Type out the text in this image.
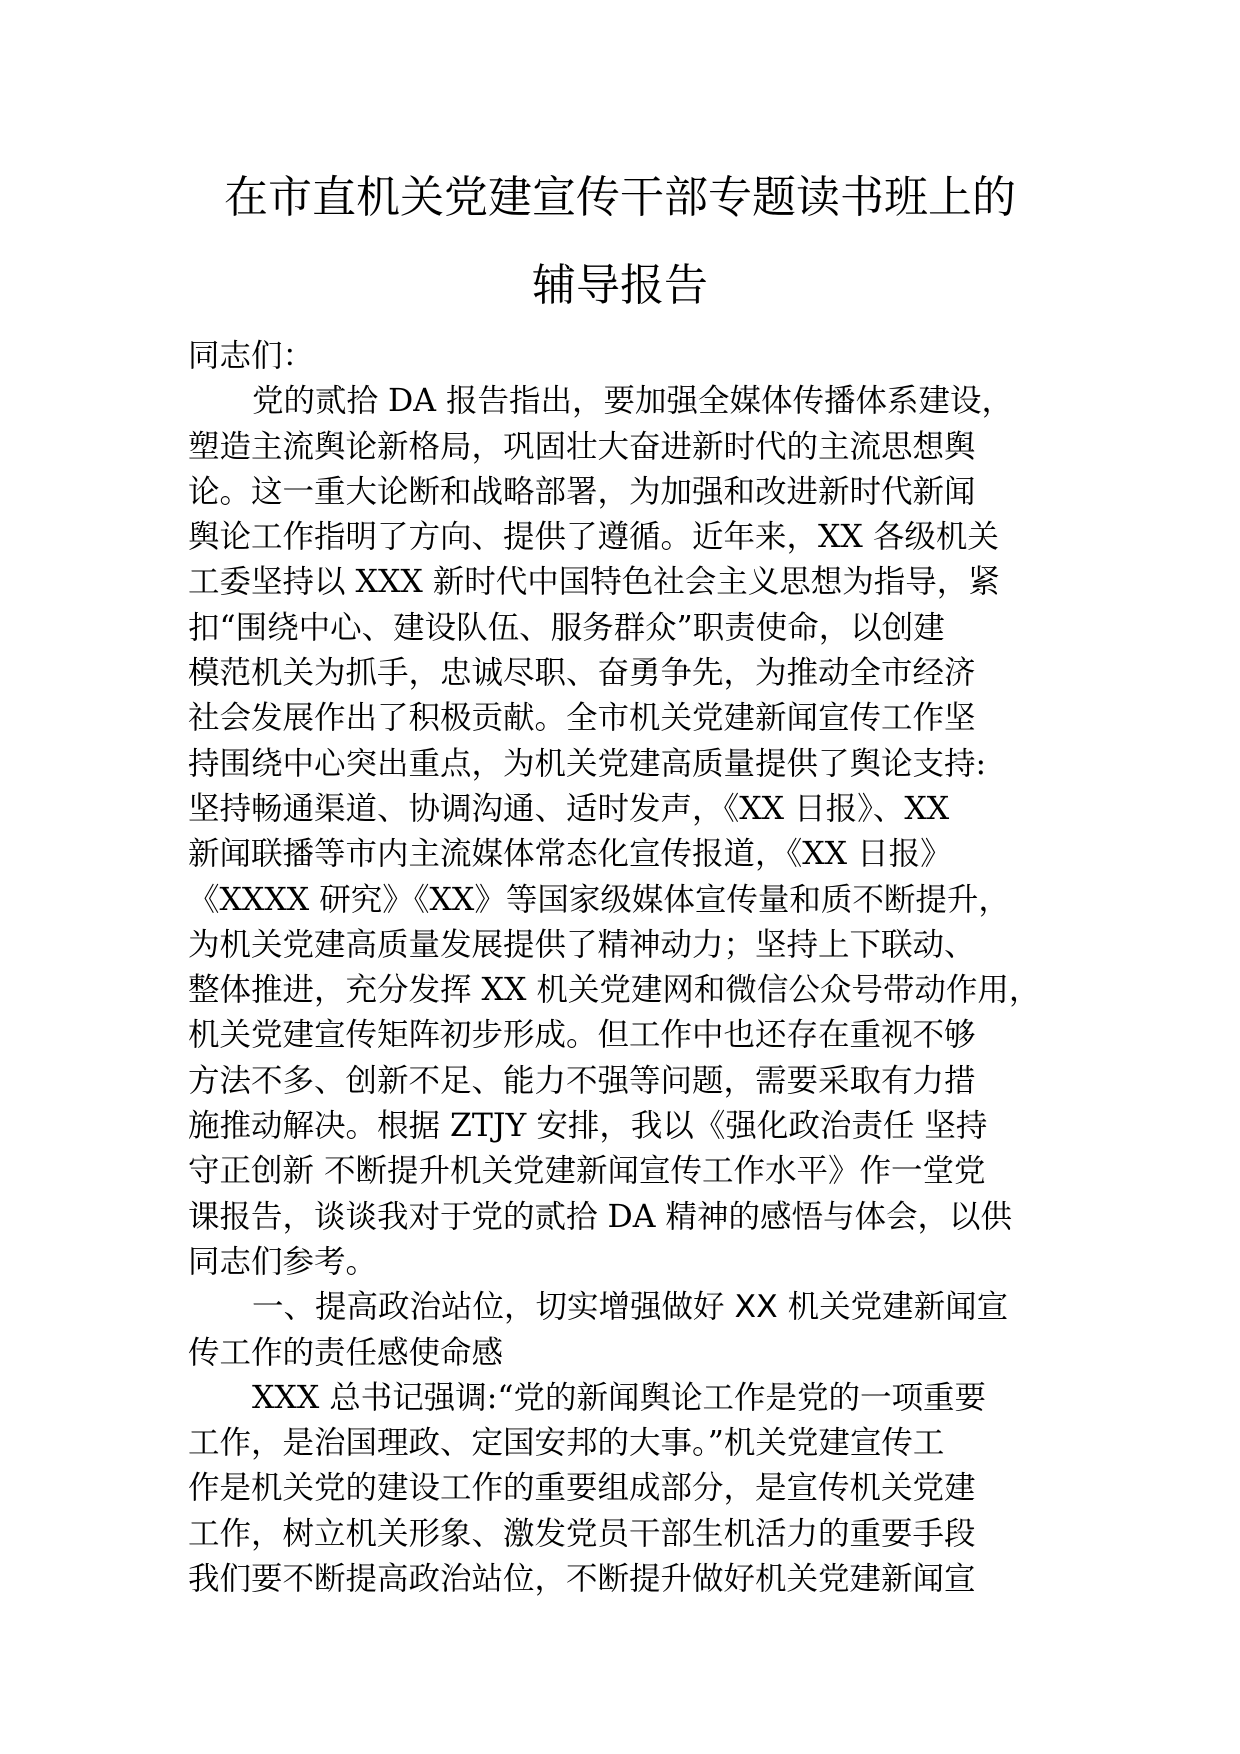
在市直机关党建宣传干部专题读书班上的
辅导报告
同志们：
党的贰拾 DA 报告指出，要加强全媒体传播体系建设，
塑造主流舆论新格局，巩固壮大奋进新时代的主流思想舆
论。这一重大论断和战略部署，为加强和改进新时代新闻
舆论工作指明了方向、提供了遵循。近年来，XX 各级机关
工委坚持以 XXX 新时代中国特色社会主义思想为指导，紧
扣“围绕中心、建设队伍、服务群众”职责使命，以创建
模范机关为抓手，忠诚尽职、奋勇争先，为推动全市经济
社会发展作出了积极贡献。全市机关党建新闻宣传工作坚
持围绕中心突出重点，为机关党建高质量提供了舆论支持:
坚持畅通渠道、协调沟通、适时发声，《XX 日报》、XX
新闻联播等市内主流媒体常态化宣传报道，《XX 日报》
《XXXX 研究》《XX》等国家级媒体宣传量和质不断提升，
为机关党建高质量发展提供了精神动力；坚持上下联动、
整体推进，充分发挥 XX 机关党建网和微信公众号带动作用，
机关党建宣传矩阵初步形成。但工作中也还存在重视不够
方法不多、创新不足、能力不强等问题，需要采取有力措
施推动解决。根据 ZTJY 安排，我以《强化政治责任 坚持
守正创新 不断提升机关党建新闻宣传工作水平》作一堂党
课报告，谈谈我对于党的贰拾 DA 精神的感悟与体会，以供
同志们参考。
一、提高政治站位，切实增强做好 XX 机关党建新闻宣
传工作的责任感使命感
XXX 总书记强调:“党的新闻舆论工作是党的一项重要
工作，是治国理政、定国安邦的大事。”机关党建宣传工
作是机关党的建设工作的重要组成部分，是宣传机关党建
工作，树立机关形象、激发党员干部生机活力的重要手段
我们要不断提高政治站位，不断提升做好机关党建新闻宣
